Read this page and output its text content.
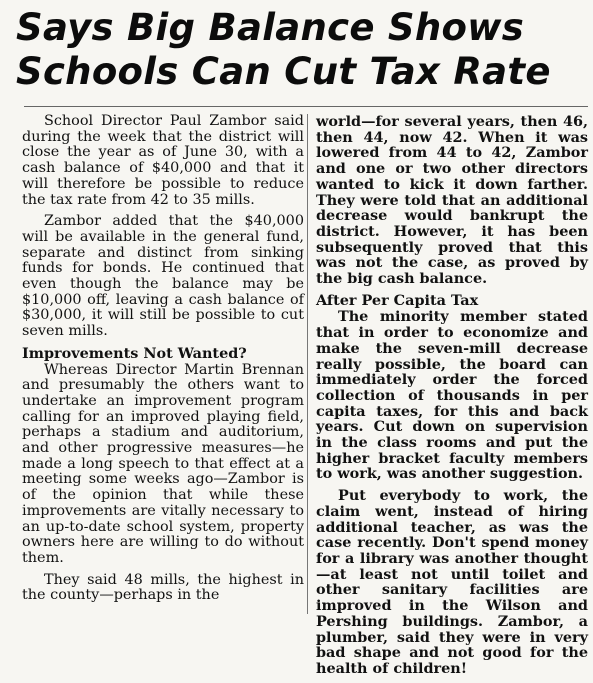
Says Big Balance Shows
Schools Can Cut Tax Rate

School Director Paul Zambor said during the week that the district will close the year as of June 30, with a cash balance of $40,000 and that it will therefore be possible to reduce the tax rate from 42 to 35 mills.

Zambor added that the $40,000 will be available in the general fund, separate and distinct from sinking funds for bonds. He continued that even though the balance may be $10,000 off, leaving a cash balance of $30,000, it will still be possible to cut seven mills.

Improvements Not Wanted?

Whereas Director Martin Brennan and presumably the others want to undertake an improvement program calling for an improved playing field, perhaps a stadium and auditorium, and other progressive measures—he made a long speech to that effect at a meeting some weeks ago—Zambor is of the opinion that while these improvements are vitally necessary to an up-to-date school system, property owners here are willing to do without them.

They said 48 mills, the highest in the county—perhaps in the

world—for several years, then 46, then 44, now 42. When it was lowered from 44 to 42, Zambor and one or two other directors wanted to kick it down farther. They were told that an additional decrease would bankrupt the district. However, it has been subsequently proved that this was not the case, as proved by the big cash balance.

After Per Capita Tax

The minority member stated that in order to economize and make the seven-mill decrease really possible, the board can immediately order the forced collection of thousands in per capita taxes, for this and back years. Cut down on supervision in the class rooms and put the higher bracket faculty members to work, was another suggestion.

Put everybody to work, the claim went, instead of hiring additional teacher, as was the case recently. Don't spend money for a library was another thought—at least not until toilet and other sanitary facilities are improved in the Wilson and Pershing buildings. Zambor, a plumber, said they were in very bad shape and not good for the health of children!
